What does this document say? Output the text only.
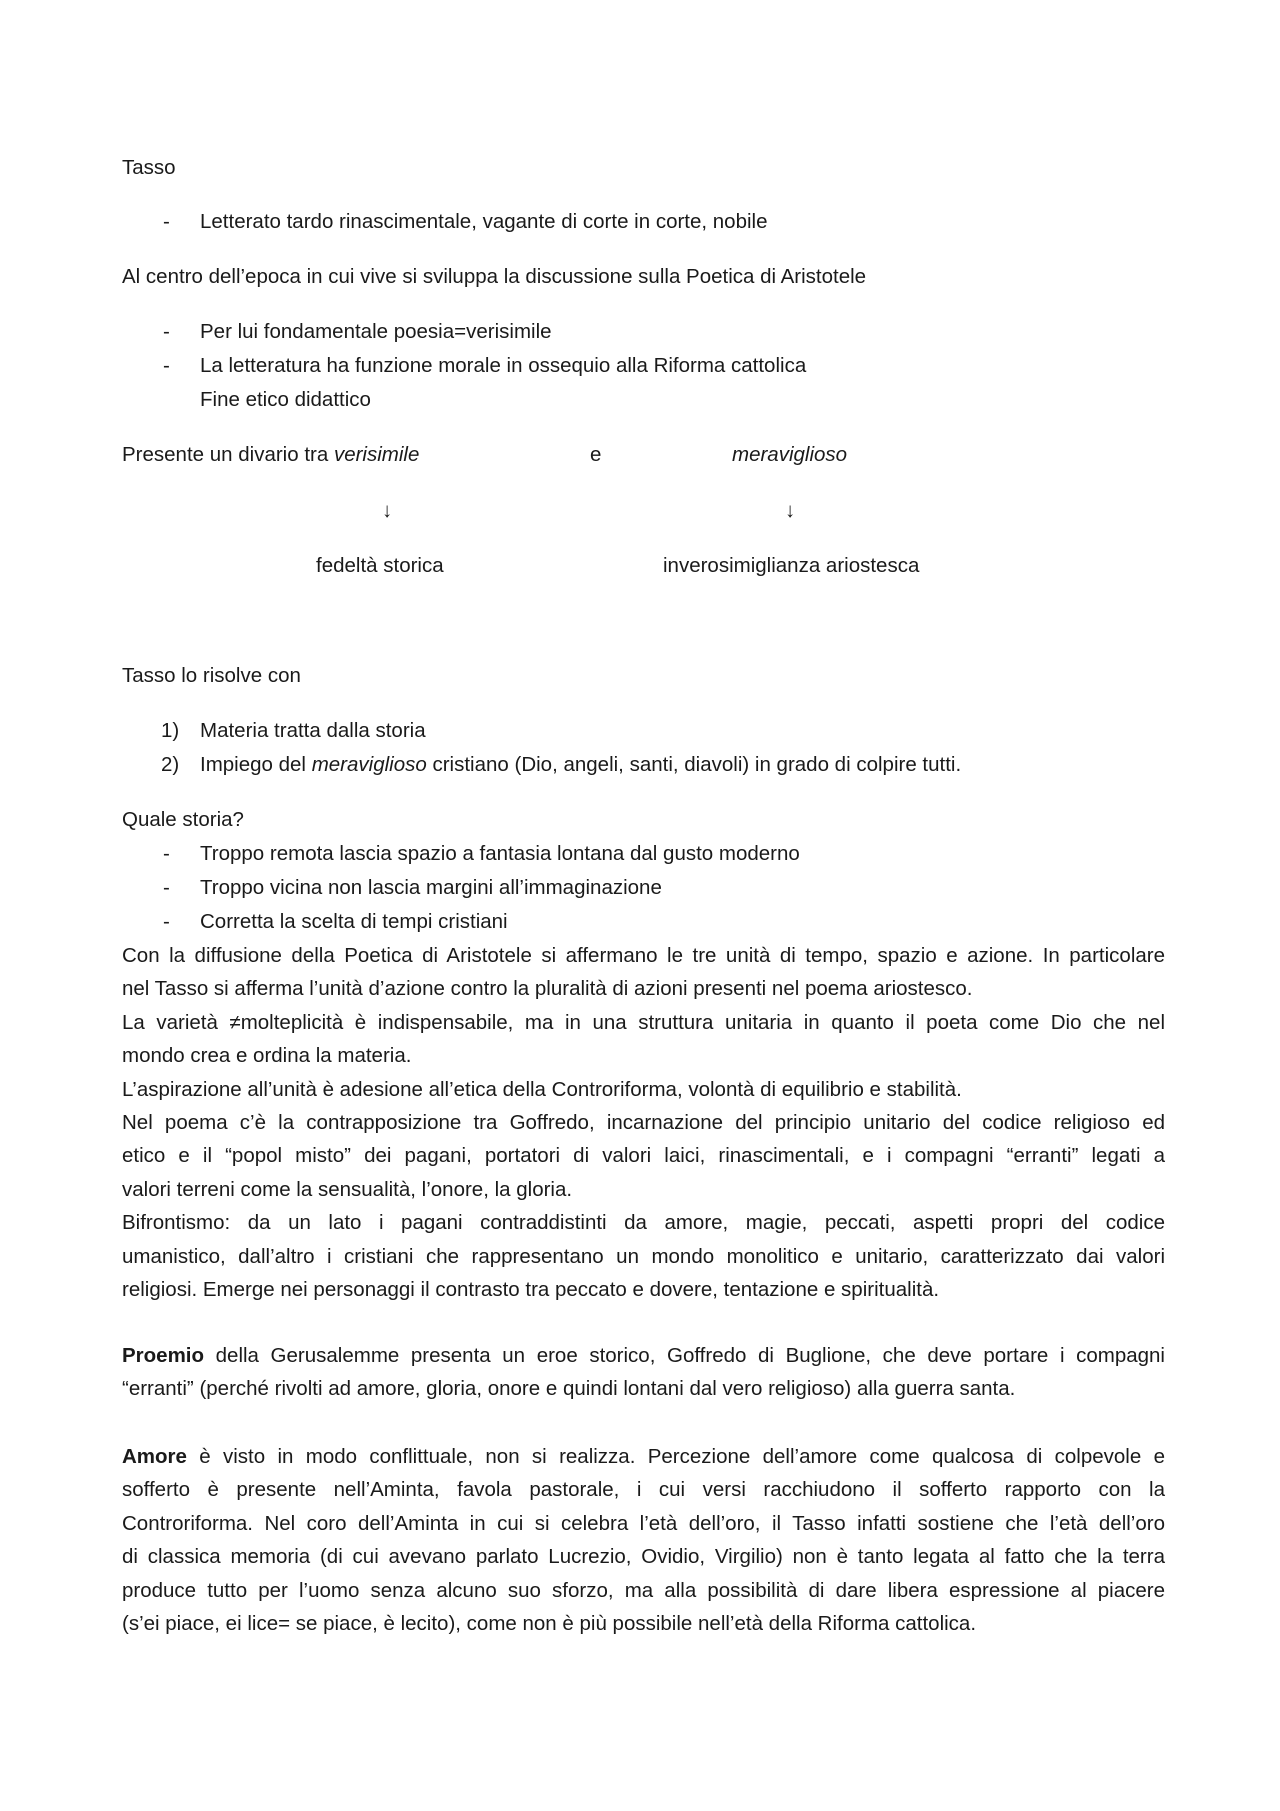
Tasso
- Letterato tardo rinascimentale, vagante di corte in corte, nobile
Al centro dell’epoca in cui vive si sviluppa la discussione sulla Poetica di Aristotele
- Per lui fondamentale poesia=verisimile
- La letteratura ha funzione morale in ossequio alla Riforma cattolica
Fine etico didattico
Presente un divario tra verisimile	e	meraviglioso
↓	↓
fedeltà storica	inverosimiglianza ariostesca
Tasso lo risolve con
1) Materia tratta dalla storia
2) Impiego del meraviglioso cristiano (Dio, angeli, santi, diavoli) in grado di colpire tutti.
Quale storia?
- Troppo remota lascia spazio a fantasia lontana dal gusto moderno
- Troppo vicina non lascia margini all’immaginazione
- Corretta la scelta di tempi cristiani
Con la diffusione della Poetica di Aristotele si affermano le tre unità di tempo, spazio e azione. In particolare
nel Tasso si afferma l’unità d’azione contro la pluralità di azioni presenti nel poema ariostesco.
La varietà ≠molteplicità è indispensabile, ma in una struttura unitaria in quanto il poeta come Dio che nel
mondo crea e ordina la materia.
L’aspirazione all’unità è adesione all’etica della Controriforma, volontà di equilibrio e stabilità.
Nel poema c’è la contrapposizione tra Goffredo, incarnazione del principio unitario del codice religioso ed
etico e il “popol misto” dei pagani, portatori di valori laici, rinascimentali, e i compagni “erranti” legati a
valori terreni come la sensualità, l’onore, la gloria.
Bifrontismo: da un lato i pagani contraddistinti da amore, magie, peccati, aspetti propri del codice
umanistico, dall’altro i cristiani che rappresentano un mondo monolitico e unitario, caratterizzato dai valori
religiosi. Emerge nei personaggi il contrasto tra peccato e dovere, tentazione e spiritualità.
Proemio della Gerusalemme presenta un eroe storico, Goffredo di Buglione, che deve portare i compagni
“erranti” (perché rivolti ad amore, gloria, onore e quindi lontani dal vero religioso) alla guerra santa.
Amore è visto in modo conflittuale, non si realizza. Percezione dell’amore come qualcosa di colpevole e
sofferto è presente nell’Aminta, favola pastorale, i cui versi racchiudono il sofferto rapporto con la
Controriforma. Nel coro dell’Aminta in cui si celebra l’età dell’oro, il Tasso infatti sostiene che l’età dell’oro
di classica memoria (di cui avevano parlato Lucrezio, Ovidio, Virgilio) non è tanto legata al fatto che la terra
produce tutto per l’uomo senza alcuno suo sforzo, ma alla possibilità di dare libera espressione al piacere
(s’ei piace, ei lice= se piace, è lecito), come non è più possibile nell’età della Riforma cattolica.
